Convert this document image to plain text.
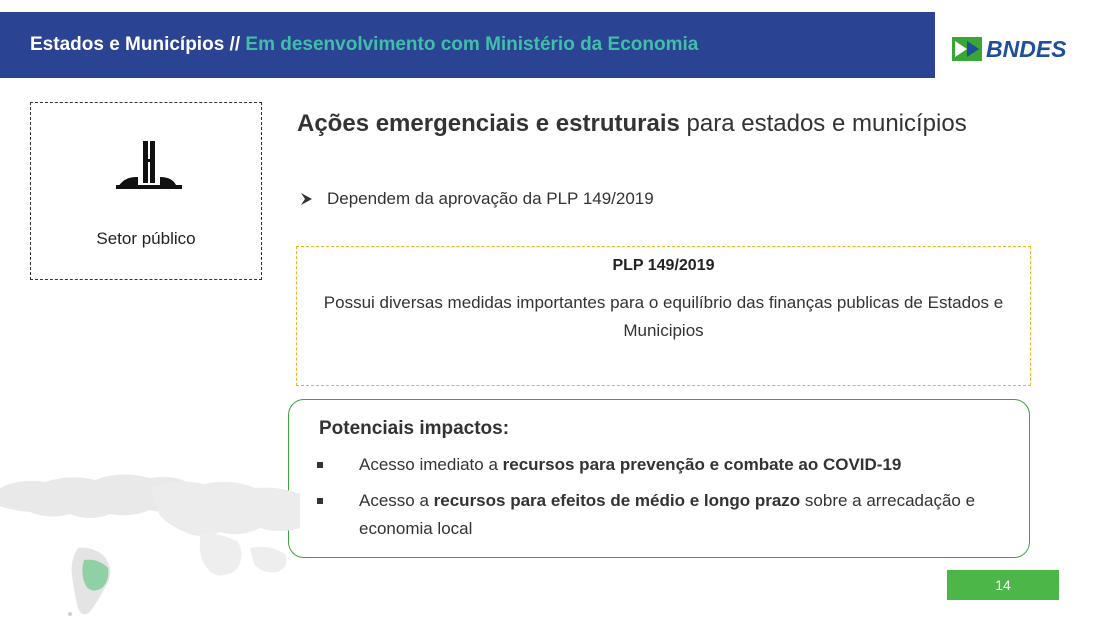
Estados e Municípios // Em desenvolvimento com Ministério da Economia	BNDES
Setor público
Ações emergenciais e estruturais para estados e municípios
Dependem da aprovação da PLP 149/2019
PLP 149/2019
Possui diversas medidas importantes para o equilíbrio das finanças publicas de Estados e Municipios
Potenciais impactos:
Acesso imediato a recursos para prevenção e combate ao COVID-19
Acesso a recursos para efeitos de médio e longo prazo sobre a arrecadação e economia local
14
